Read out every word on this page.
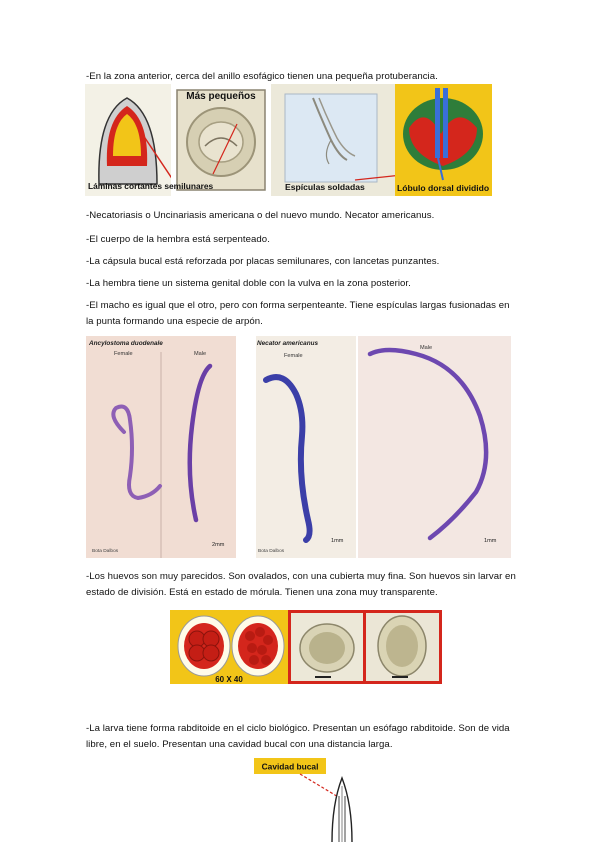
-En la zona anterior, cerca del anillo esofágico tienen una pequeña protuberancia.
Más pequeños
Láminas cortantes semilunares	Espículas soldadas	Lóbulo dorsal dividido
-Necatoriasis o Uncinariasis americana o del nuevo mundo. Necator americanus.
-El cuerpo de la hembra está serpenteado.
-La cápsula bucal está reforzada por placas semilunares, con lancetas punzantes.
-La hembra tiene un sistema genital doble con la vulva en la zona posterior.
-El macho es igual que el otro, pero con forma serpenteante. Tiene espículas largas fusionadas en la punta formando una especie de arpón.
Ancylostoma duodenale
Female	Male
2mm
Bota Dalbos
Necator americanus
Female
1mm
Bota Dalbos
Male
1mm
-Los huevos son muy parecidos. Son ovalados, con una cubierta muy fina. Son huevos sin larvar en estado de división. Está en estado de mórula. Tienen una zona muy transparente.
60 X 40
-La larva tiene forma rabditoide en el ciclo biológico. Presentan un esófago rabditoide. Son de vida libre, en el suelo. Presentan una cavidad bucal con una distancia larga.
Cavidad bucal
